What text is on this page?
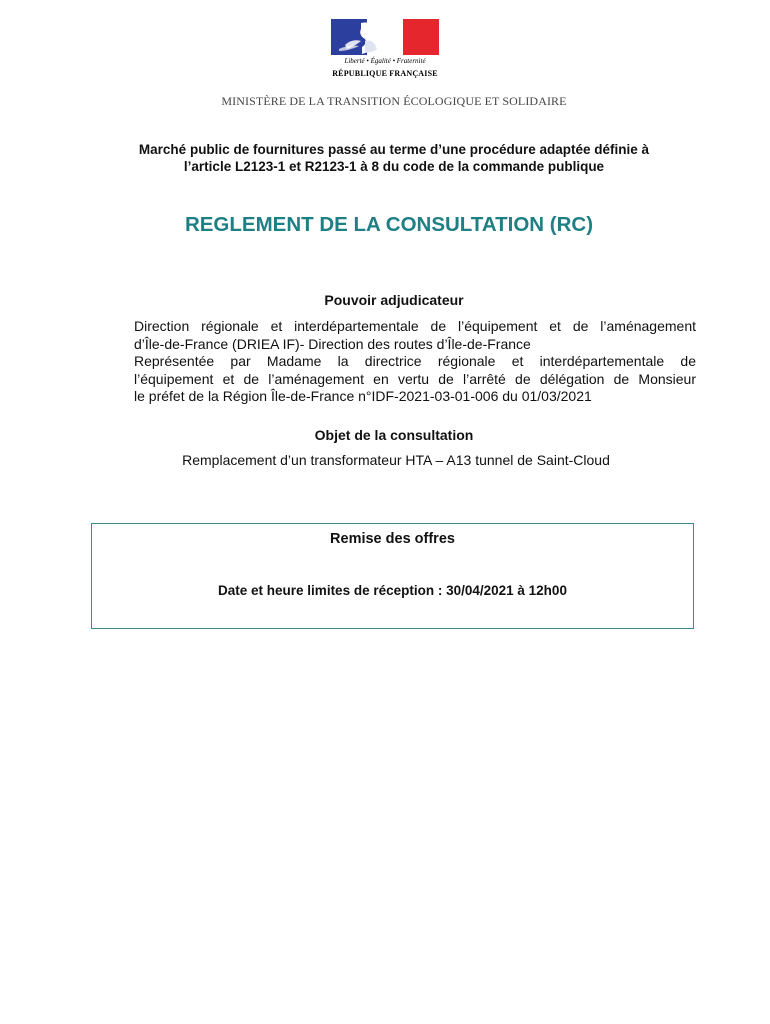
Liberté • Égalité • Fraternité

RÉPUBLIQUE FRANÇAISE

MINISTÈRE DE LA TRANSITION ÉCOLOGIQUE ET SOLIDAIRE

Marché public de fournitures passé au terme d’une procédure adaptée définie à
l’article L2123-1 et R2123-1 à 8 du code de la commande publique
REGLEMENT DE LA CONSULTATION (RC)
Pouvoir adjudicateur

Direction régionale et interdépartementale de l’équipement et de l’aménagement

d’Île-de-France (DRIEA IF)- Direction des routes d’Île-de-France

Représentée par Madame la directrice régionale et interdépartementale de

l’équipement et de l’aménagement en vertu de l’arrêté de délégation de Monsieur

le préfet de la Région Île-de-France n°IDF-2021-03-01-006 du 01/03/2021

Objet de la consultation

Remplacement d’un transformateur HTA – A13 tunnel de Saint-Cloud

Remise des offres

Date et heure limites de réception : 30/04/2021 à 12h00
